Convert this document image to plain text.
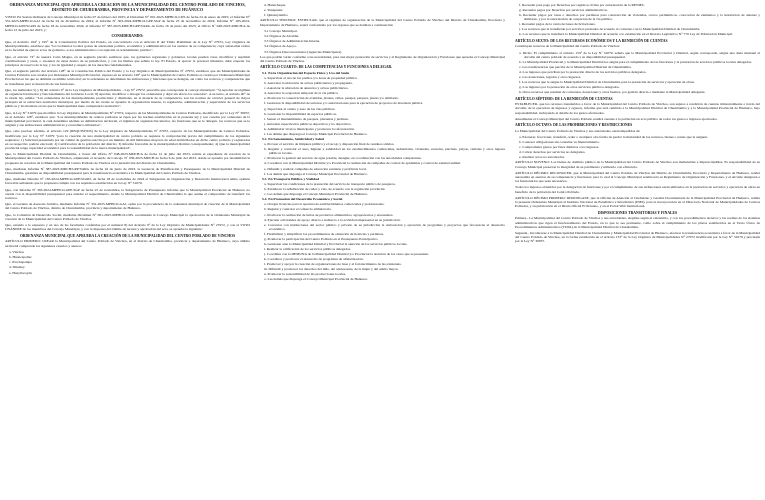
ORDENANZA MUNICIPAL QUE APRUEBA LA CREACIÓN DE LA MUNICIPALIDAD DEL CENTRO POBLADO DE VINCHOS, DISTRITO DE CHURUBAMBA, PROVINCIA Y DEPARTAMENTO DE HUÁNUCO
VISTO: En Sesión Ordinaria de Concejo Municipal de fecha 07 de febrero del 2025; el Dictamen N° 001-2025-MPHCO-CDS de fecha 24 de enero de 2025; el Informe N° 331-2025-MPHCO-GAJ de fecha 04 de diciembre de 2024; el Informe Nº 303-2024-MPHCO-GPP-SGP de fecha 25 de noviembre de 2024; Informe N° 183-2024-MPHCO-GPP/SGOD de fecha 18 de noviembre 2024; el Informe Nº 387-2023-MDCH/GPP/VARG de fecha 16 de junio del 2023; el Oficio Nº 048-2023-MDCH/A de fecha 12 de julio del 2023; y;
CONSIDERANDO:
Que, el Artículo 194° y 195° de la Constitución Política del Estado, en concordancia con el Artículo II del Título Preliminar de la Ley N° 27972, Ley Orgánica de Municipalidades, establece que "los Gobiernos locales gozan de autonomía política, económica y administrativa en los asuntos de su competencia; cuya autonomía radica en la facultad de ejercer actos de gobierno, actos administrativos con sujeción al ordenamiento jurídico".
Que, el artículo 74° de nuestra Carta Magna, en su segundo párrafo establece que, los gobiernos regionales y gobiernos locales pueden crear, modificar y suprimir contribuciones y tasas, o exonerar de éstas dentro de su jurisdicción, y con los límites que señala la ley. El Estado, al ejercer la potestad tributaria, debe respetar los principios de reserva de la ley, y los de igualdad y respeto de los derechos fundamentales.
Que, el segundo párrafo del artículo 128° de la Constitución Política del Estado y la Ley Orgánica de Municipalidades Nº 27972, establece que las Municipalidades de Centros Poblados son creadas por Ordenanza Municipal Provincial, expresa en su artículo 128° que la Municipalidad de Centro Poblado es creada por Ordenanza Municipal Provincial en las que se delimita su ámbito territorial; en la ordenanza se determinan las atribuciones y funciones que se delegan, así como los recursos y competencias que se transfieren para el desarrollo de sus funciones.
Que, los numerales 5) y 8) del artículo 9° de la Ley Orgánica de Municipalidades – Ley N° 27972, prescribe que corresponde al concejo municipal: "5) Aprobar su régimen de organización interior y funcionamiento del Gobierno Local; 8) Aprobar, modificar o derogar las ordenanzas y dejar sin efecto los acuerdos". A su turno, el artículo 40° de la citada ley, señala: "Las ordenanzas de las municipalidades provinciales y distritales, en la materia de su competencia, son las normas de carácter general de mayor jerarquía en la estructura normativa municipal, por medio de las cuales se aprueba la organización interna, la regulación, administración y supervisión de los servicios públicos y las materias en las que la municipalidad tiene competencia normativa".
Que, la Ley N° 31079 que modifica la Ley Orgánica de Municipalidades N° 27972, respecto de las Municipalidades de Centros Poblados, modificado por la Ley N° 30937, en el Artículo 128°, establece que: "Las municipalidades de centros poblados se rigen por las normas establecidas en la presente ley y son creadas por ordenanza de la municipalidad provincial, la cual determina además su delimitación territorial, el régimen de organización interior, las funciones que se le delegan, los recursos que se le asignan y sus atribuciones administrativas y económico-tributarias".
Que, cabe precisar además, el artículo 129 (REQUISITOS) de la Ley Orgánica de Municipalidades Nº 27972, respecto de las Municipalidades de Centros Poblados, modificado por la Ley N° 31079 "para la creación de una municipalidad de centro poblado se requiere la comprobación previa del cumplimiento de los siguientes requisitos: 1) Solicitud presentada por un comité de gestión suscrita por un mínimo de mil habitantes mayores de edad domiciliados en dicho centro poblado y registrados en su respectivo padrón electoral; 2) Certificación de la población del distrito; 3) Informe favorable de la municipalidad distrital correspondiente; 4) Que la municipalidad provincial tenga capacidad económica para la sostenibilidad de la nueva municipalidad".
Que, la Municipalidad Distrital de Churubamba, a través del Oficio N° 048-2023-MDCH/A de fecha 12 de julio del 2023, remite el expediente de creación de la Municipalidad del Centro Poblado de Vinchos, adjuntando el Acuerdo de Concejo Nº 039-2023-MDCH de fecha 6 de julio del 2023, donde se aprueba por unanimidad la propuesta de creación de la Municipalidad del Centro Poblado de Vinchos en la jurisdicción del distrito de Churubamba.
Que, mediante Informe Nº 387-2023-MDCH/GPP/VARG de fecha 16 de junio de 2023, la Gerencia de Planificación y Presupuesto de la Municipalidad Distrital de Churubamba, garantiza su disponibilidad presupuestal para la transferencia económica a la Municipalidad del Centro Poblado de Vinchos.
Que, mediante Informe Nº 183-2024-MPHCO-GPP/SGOD, de fecha 18 de noviembre de 2024 el Subgerente de Organización y Desarrollo Institucional emite opinión favorable señalando que la propuesta cumple con los requisitos establecidos en la Ley N° 31079.
Que, con Informe Nº 303-2024-MPHCO-GPP-SGP de fecha 25 de noviembre, la Subgerencia de Presupuesto informa que la Municipalidad Provincial de Huánuco no cuenta con la disponibilidad presupuestal para atender el requerimiento, siendo la Municipalidad Distrital de Churubamba la que asume el compromiso de transferir los recursos.
Que, el Gerente de Asesoría Jurídica, mediante Informe Nº 331-2025-MPHCO-GAJ, opina por la procedencia de la ordenanza municipal de creación de la Municipalidad del Centro Poblado de Vinchos, distrito de Churubamba, provincia y departamento de Huánuco.
Que, la Comisión de Desarrollo Social, mediante Dictamen N° 001-2025-MPHCO-CDS, recomienda al Concejo Municipal la aprobación de la Ordenanza Municipal de creación de la Municipalidad del Centro Poblado de Vinchos.
Que, estando a lo expuesto y en uso de las facultades conferidas por el numeral 8) del Artículo 9° de la Ley Orgánica de Municipalidades N° 27972, y con el VOTO UNÁNIME de los miembros del Concejo Municipal, y con la dispensa del trámite de lectura y aprobación del acta, se aprueba la siguiente:
ORDENANZA MUNICIPAL QUE APRUEBA LA CREACIÓN DE LA MUNICIPALIDAD DEL CENTRO POBLADO DE VINCHOS
ARTÍCULO PRIMERO: CREAR la Municipalidad del Centro Poblado de Vinchos, en el distrito de Churubamba, provincia y departamento de Huánuco, cuyo ámbito territorial comprende los siguientes caseríos y anexos:
a. Vinchos
b. Huancapallac
c. Pacchapampa
d. Shismay
e. Huayllacayán
d. Huanchaque
e. Yanapuntu
f. Quisuaytambo
ARTÍCULO TERCERO: ESTIPULAR, que el régimen de organización de la Municipalidad del Centro Poblado de Vinchos del Distrito de Churubamba, Provincia y Departamento de Huánuco, estará conformado por los órganos que se detallan a continuación:
3.1 Concejo Municipal.
3.2 Órganos de Alcaldía.
3.3 Órganos de Administración Interna.
3.4 Órganos de Apoyo.
3.5 Órganos Desconcentrados (Agencias Municipales)
Los que podrán variar conforme a las necesidades, para una mejor prestación de servicios y el Reglamento de Organización y Funciones que apruebe el Concejo Municipal del Centro Poblado de Vinchos.
ARTÍCULO CUARTO: DE LAS COMPETENCIAS Y FUNCIONES A DELEGAR.
5.1. En la Organización del Espacio Físico y Uso del Suelo
a. Supervisar el uso de los predios y/o áreas de propiedad pública.
b. Autorizar la ubicación de avisos publicitarios y propaganda.
c. Autorizar la ubicación de anuncios y avisos publicitarios.
d. Autorizar la ocupación temporal de la vía pública.
e. Promover la conservación de avenidas, jirones, calles, pasajes, parques, plazas y/o similares.
f. Gestionar la disponibilidad de terrenos y/o autorizaciones para la ejecución de proyectos de inversión pública.
g. Supervisar el ornato y aseo de las vías públicas.
h. Gestionar la disponibilidad de espacios públicos.
i. Sanear el mantenimiento de parques, plazuelas y jardines.
j. Autorizar espectáculos públicos deportivos y no deportivos.
k. Administrar viveros municipales y promover la reforestación.
l. Las demás que disponga el Concejo Municipal Provincial de Huánuco.
5.2. En Saneamiento, Salubridad y Salud
a. Proveer el servicio de limpieza pública y el recojo y disposición final de residuos sólidos.
b. Regular y controlar el aseo, higiene y salubridad en los establecimientos comerciales, industriales, viviendas, escuelas, piscinas, playas, camales y otros lugares públicos locales.
c. Promover la gestión del servicio de agua potable, desagüe, en coordinación con las autoridades competentes.
d. Coordinar con la Municipalidad Distrital y/o Provincial la realización de campañas de control de epidemias y control de sanidad animal.
e. Difundir y realizar campañas de educación sanitaria y profilaxis local.
f. Las demás que disponga el Concejo Municipal Provincial de Huánuco.
5.3. En Transporte Público y Vialidad
a. Supervisar las condiciones de la prestación del servicio de transporte público de pasajeros.
b. Establecer la señalización de calles y vías, de acuerdo con la regulación provincial.
c. Las demás que disponga el Concejo Municipal Provincial de Huánuco.
5.4. En Promoción del Desarrollo Económico y Social
a. Otorgar licencias para la apertura de establecimientos comerciales y profesionales.
b. Regular y controlar el comercio ambulatorio.
c. Promover la realización de ferias de productos alimenticios, agropecuarios y artesanales.
d. Ejecutar actividades de apoyo directo e indirecto a la actividad empresarial en su jurisdicción.
e. Concertar con instituciones del sector público y privado de su jurisdicción la elaboración y ejecución de programas y proyectos que favorezcan el desarrollo económico.
f. Flexibilizar y simplificar los procedimientos de obtención de licencias y permisos.
g. Promover la participación del Centro Poblado en el Presupuesto Participativo.
h. Gestionar ante la Municipalidad Distrital y Provincial la atención de los servicios públicos locales.
i. Realizar la calificación de los servicios públicos delegados.
j. Coordinar con la DEMUNA de la Municipalidad Distrital y/o Provincial la atención de los casos que se presenten.
k. Coordinar y promover el desarrollo de programas de alfabetización.
l. Promover y apoyar la creación de organizaciones de base y el fortalecimiento de las existentes.
m. Difundir y promover los derechos del niño, del adolescente, de la mujer y del adulto mayor.
n. Promover la sostenibilidad de las producciones locales.
o. Las demás que disponga el Concejo Municipal Provincial de Huánuco.
f. Recaudar para pago por Derechos por registros civiles por autorización de la RENIEC.
g. Recaudar pagos por Derechos por servicios administrativos.
h. Recaudar pagos por tasas o derechos por permisos para construcción de viviendas, cercos perimétricos, colocación de elementos y la instalación de antenas y similares, y por la autorización de ocupación de la vía pública.
i. Recaudar pagos de la venta de bases de licitaciones.
j. Los recursos que le transfieran por servicios prestados de acuerdo al convenio con la Municipalidad Distrital de Churubamba.
k. Los recursos que le transfiera la Municipalidad Distrital de acuerdo a lo establecido en el Decreto Legislativo N° 776 Ley de Tributación Municipal.
ARTÍCULO SEXTO: DE LOS RECURSOS ECONÓMICOS Y LA RENDICIÓN DE CUENTAS
Constituyen recursos de la Municipalidad del Centro Poblado de Vinchos:
a. Dicho: El cumplimiento al artículo 133° de la Ley Nº 31079, señala que la Municipalidad Provincial y Distrital, según corresponda, asigna una dieta mensual al Alcalde del centro poblado de acuerdo a su disponibilidad presupuestal.
b. La Municipalidad Provincial y la Municipalidad Distrital les asigna para el cumplimiento de las funciones y la prestación de servicios públicos locales delegados.
c. Las transferencias que perciba de la Municipalidad Distrital de Churubamba.
d. Los ingresos que perciban por la prestación directa de los servicios públicos delegados.
e. Las donaciones, legados y otros ingresos.
f. Los recursos que le asigne la Municipalidad Distrital de Churubamba para la prestación de servicios y ejecución de obras.
g. Los ingresos por la prestación de otros servicios públicos delegados.
h. Otros recursos que resulten de convenios, donaciones y otros fuentes, por gestión directa o mediante la Municipalidad delegante.
ARTÍCULO SÉPTIMO: DE LA RENDICIÓN DE CUENTAS
ESTABLECER, que los recursos transferidos a favor de la Municipalidad del Centro Poblado de Vinchos, son sujetos a rendición de cuentas trimestralmente a través del Alcalde, de la ejecución de ingresos y egresos, informe que será remitido a la Municipalidad Distrital de Churubamba y a la Municipalidad Provincial de Huánuco, bajo responsabilidad, incluyendo el detalle de los gastos efectuados.
Anualmente el Concejo Municipal del Centro Poblado rendirá cuentas a la población en acto público de todos los gastos e ingresos ejecutados.
ARTÍCULO OCTAVO: DE LAS PROHIBICIONES Y RESTRICCIONES
La Municipalidad del Centro Poblado de Vinchos y sus autoridades, están impedidas de:
a. Exonerar, fraccionar, transferir, ceder o cualquier otra forma de perder la titularidad de los recursos, bienes o rentas que le asignen.
b. Contraer obligaciones sin consultar su financiamiento.
c. Comprometer gastos por fines distintos a los ingresos.
d. Cobrar derechos por servicios no delegados.
e. Realizar actos no autorizados.
ARTÍCULO NOVENO: Los bienes de dominio público de la Municipalidad del Centro Poblado de Vinchos son inalienables e imprescriptibles. Es responsabilidad de su Concejo Municipal preservar la integridad de su patrimonio y utilizarlo con eficiencia.
ARTÍCULO DÉCIMO: RECONOCER, que la Municipalidad del Centro Poblado de Vinchos del Distrito de Churubamba, Provincia y Departamento de Huánuco, tendrá autonomía en asuntos de su competencia y funciones; para lo cual el Concejo Municipal establecerá su Reglamento de Organización y Funciones, y el Alcalde designará a los funcionarios que sean necesarios.
Todos los ingresos obtenidos por la delegación de funciones y por el cumplimiento de sus atribuciones serán utilizados en la prestación de servicios y ejecución de obras en beneficio de la población del Centro Poblado.
ARTÍCULO DÉCIMO PRIMERO: DISPONGASE, que la Oficina de Atención al Ciudadano y Gestión Documentaria de la Municipalidad Provincial de Huánuco, remita la presente Ordenanza Municipal al Instituto Nacional de Estadística e Informática (INEI), para la incorporación en el Directorio Nacional de Municipalidades de Centros Poblados, y su publicación en el Diario Oficial El Peruano, y en el Portal Web Institucional.
DISPOSICIONES TRANSITORIAS Y FINALES
Primera.- La Municipalidad del Centro Poblado de Vinchos y sus autoridades, elegidas según el calendario, y con los procedimientos técnicos y las normas de los sistemas administrativos que rigen el funcionamiento del Estado, en lo que le sea pertinente, como sobre el cumplimiento de los plazos establecidos en el Texto Único de Procedimientos Administrativos (TUPA) de la Municipalidad Distrital de Churubamba.
Segunda.- Involúcrese a la Municipalidad Distrital de Churubamba y Municipalidad Provincial de Huánuco, efectuar la transferencia económica a favor de la Municipalidad del Centro Poblado de Vinchos, en la forma establecida en el artículo 133° de la Ley Orgánica de Municipalidades N° 27972 modificada por la Ley N° 31079 y precisada por la Ley N° 30937.
